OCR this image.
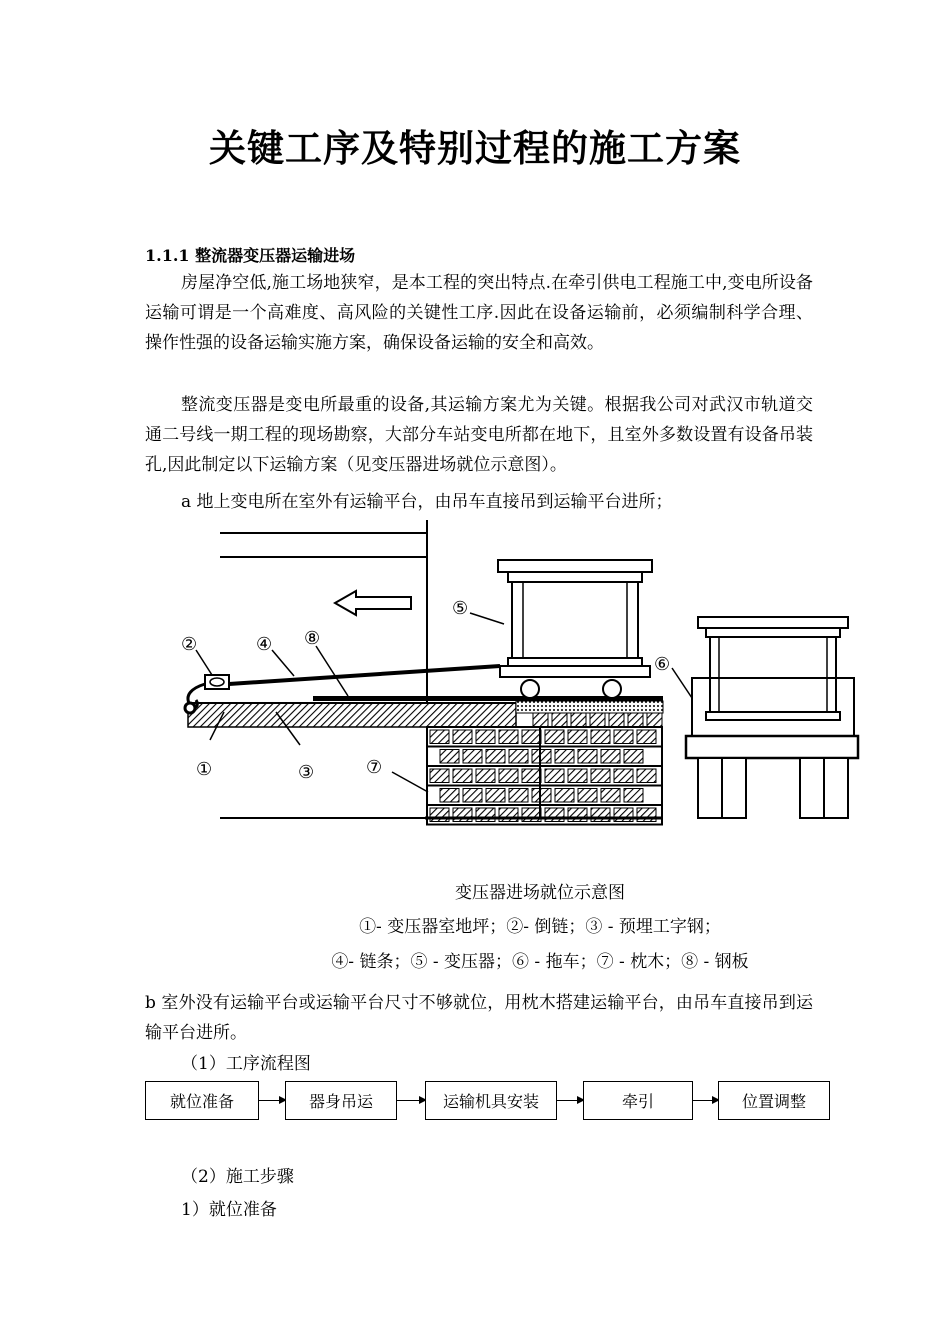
关键工序及特别过程的施工方案
1.1.1 整流器变压器运输进场
房屋净空低,施工场地狭窄，是本工程的突出特点.在牵引供电工程施工中,变电所设备运输可谓是一个高难度、高风险的关键性工序.因此在设备运输前，必须编制科学合理、操作性强的设备运输实施方案，确保设备运输的安全和高效。
整流变压器是变电所最重的设备,其运输方案尤为关键。根据我公司对武汉市轨道交通二号线一期工程的现场勘察，大部分车站变电所都在地下，且室外多数设置有设备吊装孔,因此制定以下运输方案（见变压器进场就位示意图）。
a 地上变电所在室外有运输平台，由吊车直接吊到运输平台进所；
②	④ ⑧
⑤
⑥
①	③	⑦
变压器进场就位示意图
①- 变压器室地坪；②- 倒链；③ - 预埋工字钢；
④- 链条；⑤ - 变压器；⑥ - 拖车；⑦ - 枕木；⑧ - 钢板
b 室外没有运输平台或运输平台尺寸不够就位，用枕木搭建运输平台，由吊车直接吊到运输平台进所。
（1）工序流程图
就位准备	器身吊运	运输机具安装	牵引	位置调整
（2）施工步骤
1）就位准备
